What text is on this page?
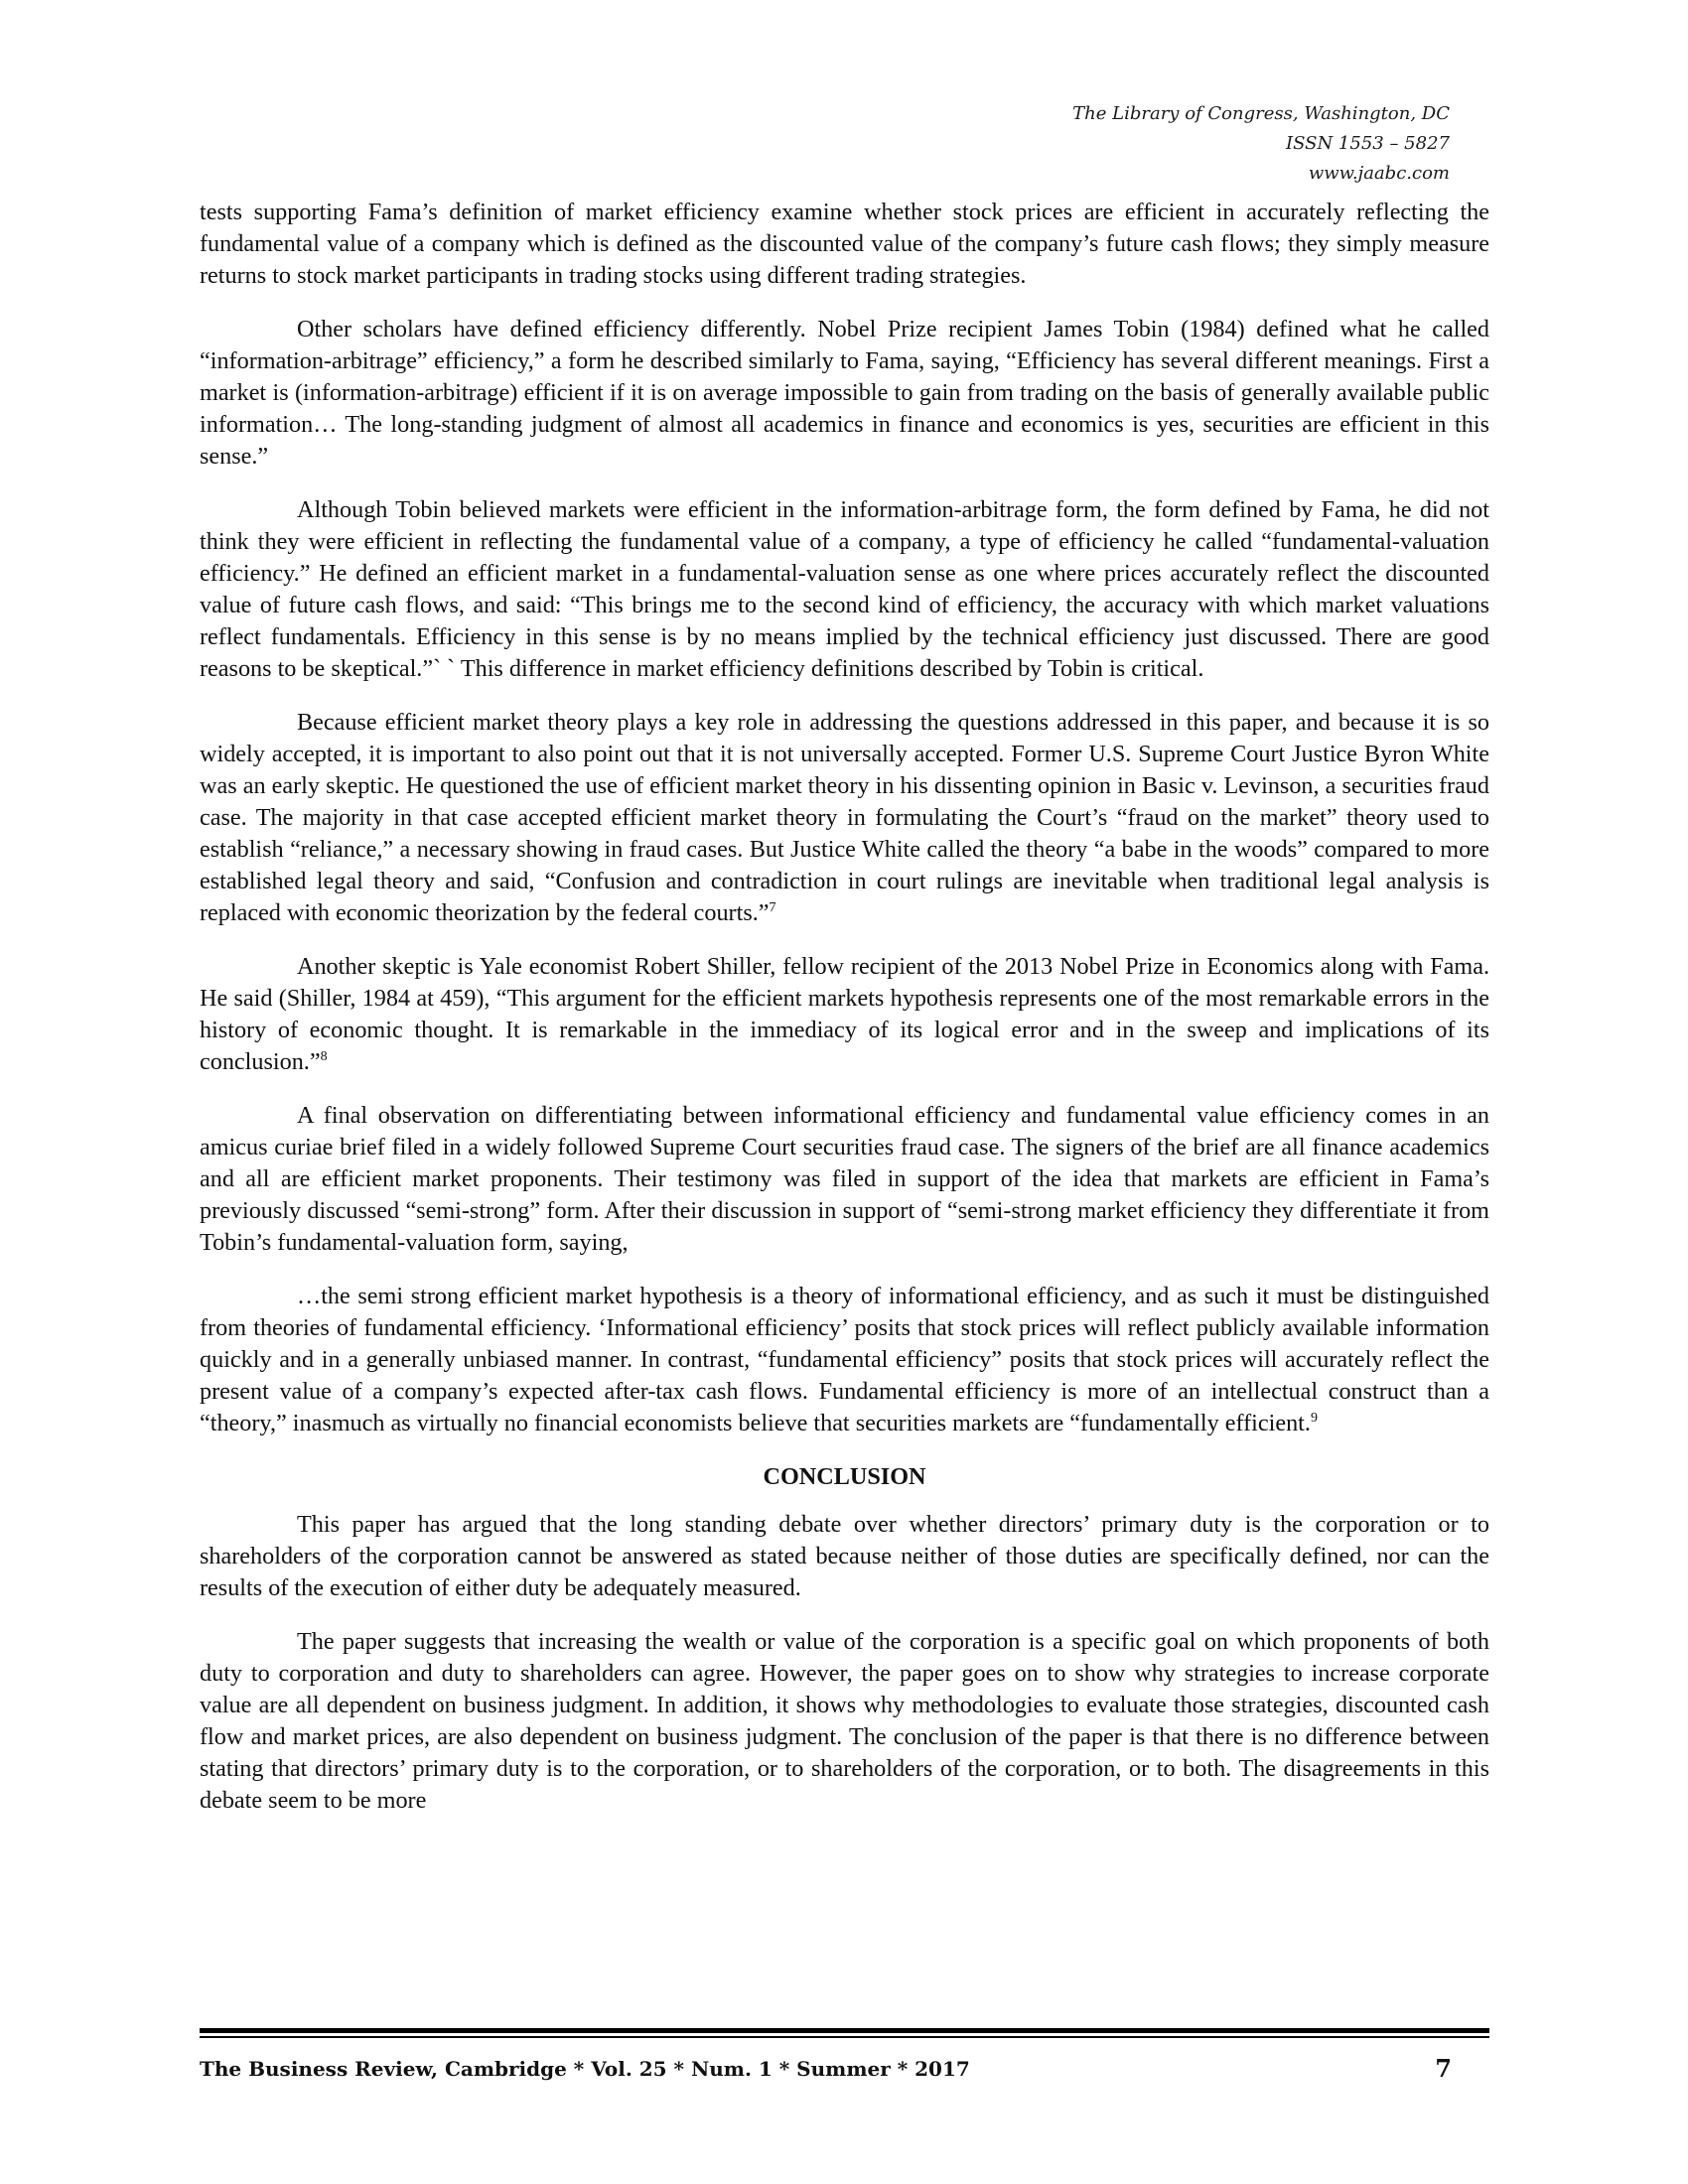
The Library of Congress, Washington, DC
ISSN 1553 – 5827
www.jaabc.com

tests supporting Fama’s definition of market efficiency examine whether stock prices are efficient in accurately reflecting the fundamental value of a company which is defined as the discounted value of the company’s future cash flows; they simply measure returns to stock market participants in trading stocks using different trading strategies.

Other scholars have defined efficiency differently. Nobel Prize recipient James Tobin (1984) defined what he called “information-arbitrage” efficiency,” a form he described similarly to Fama, saying, “Efficiency has several different meanings. First a market is (information-arbitrage) efficient if it is on average impossible to gain from trading on the basis of generally available public information… The long-standing judgment of almost all academics in finance and economics is yes, securities are efficient in this sense.”

Although Tobin believed markets were efficient in the information-arbitrage form, the form defined by Fama, he did not think they were efficient in reflecting the fundamental value of a company, a type of efficiency he called “fundamental-valuation efficiency.” He defined an efficient market in a fundamental-valuation sense as one where prices accurately reflect the discounted value of future cash flows, and said: “This brings me to the second kind of efficiency, the accuracy with which market valuations reflect fundamentals. Efficiency in this sense is by no means implied by the technical efficiency just discussed. There are good reasons to be skeptical.”` ` This difference in market efficiency definitions described by Tobin is critical.

Because efficient market theory plays a key role in addressing the questions addressed in this paper, and because it is so widely accepted, it is important to also point out that it is not universally accepted. Former U.S. Supreme Court Justice Byron White was an early skeptic. He questioned the use of efficient market theory in his dissenting opinion in Basic v. Levinson, a securities fraud case. The majority in that case accepted efficient market theory in formulating the Court’s “fraud on the market” theory used to establish “reliance,” a necessary showing in fraud cases. But Justice White called the theory “a babe in the woods” compared to more established legal theory and said, “Confusion and contradiction in court rulings are inevitable when traditional legal analysis is replaced with economic theorization by the federal courts.”$^7$

Another skeptic is Yale economist Robert Shiller, fellow recipient of the 2013 Nobel Prize in Economics along with Fama. He said (Shiller, 1984 at 459), “This argument for the efficient markets hypothesis represents one of the most remarkable errors in the history of economic thought. It is remarkable in the immediacy of its logical error and in the sweep and implications of its conclusion.”$^8$

A final observation on differentiating between informational efficiency and fundamental value efficiency comes in an amicus curiae brief filed in a widely followed Supreme Court securities fraud case. The signers of the brief are all finance academics and all are efficient market proponents. Their testimony was filed in support of the idea that markets are efficient in Fama’s previously discussed “semi-strong” form. After their discussion in support of “semi-strong market efficiency they differentiate it from Tobin’s fundamental-valuation form, saying,

…the semi strong efficient market hypothesis is a theory of informational efficiency, and as such it must be distinguished from theories of fundamental efficiency. ‘Informational efficiency’ posits that stock prices will reflect publicly available information quickly and in a generally unbiased manner. In contrast, “fundamental efficiency” posits that stock prices will accurately reflect the present value of a company’s expected after-tax cash flows. Fundamental efficiency is more of an intellectual construct than a “theory,” inasmuch as virtually no financial economists believe that securities markets are “fundamentally efficient.$^9$

CONCLUSION

This paper has argued that the long standing debate over whether directors’ primary duty is the corporation or to shareholders of the corporation cannot be answered as stated because neither of those duties are specifically defined, nor can the results of the execution of either duty be adequately measured.

The paper suggests that increasing the wealth or value of the corporation is a specific goal on which proponents of both duty to corporation and duty to shareholders can agree. However, the paper goes on to show why strategies to increase corporate value are all dependent on business judgment. In addition, it shows why methodologies to evaluate those strategies, discounted cash flow and market prices, are also dependent on business judgment. The conclusion of the paper is that there is no difference between stating that directors’ primary duty is to the corporation, or to shareholders of the corporation, or to both. The disagreements in this debate seem to be more

The Business Review, Cambridge * Vol. 25 * Num. 1 * Summer * 2017	7
